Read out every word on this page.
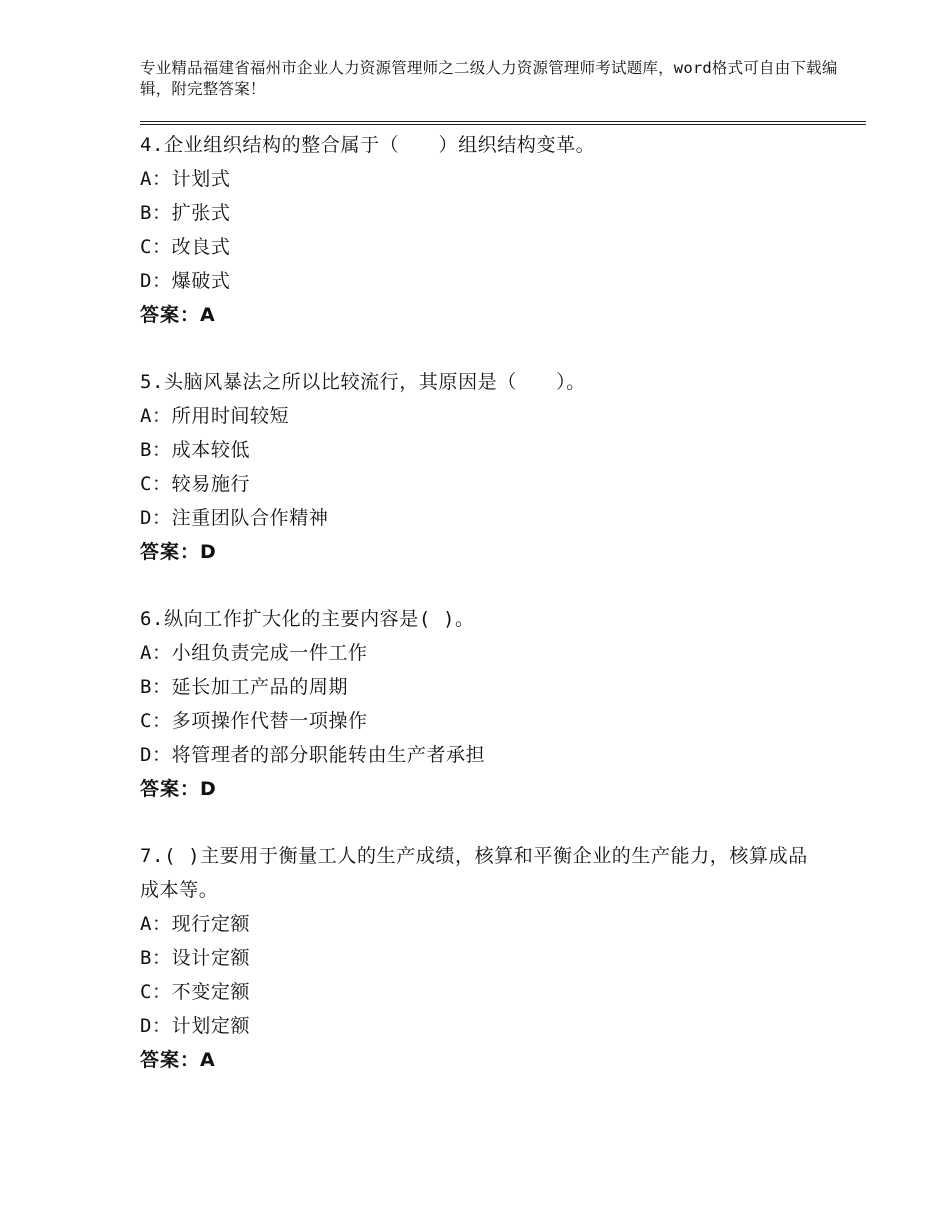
专业精品福建省福州市企业人力资源管理师之二级人力资源管理师考试题库，word格式可自由下载编辑，附完整答案！
4.企业组织结构的整合属于（　　）组织结构变革。
A：计划式
B：扩张式
C：改良式
D：爆破式
答案：A
5.头脑风暴法之所以比较流行，其原因是（　　）。
A：所用时间较短
B：成本较低
C：较易施行
D：注重团队合作精神
答案：D
6.纵向工作扩大化的主要内容是( )。
A：小组负责完成一件工作
B：延长加工产品的周期
C：多项操作代替一项操作
D：将管理者的部分职能转由生产者承担
答案：D
7.( )主要用于衡量工人的生产成绩，核算和平衡企业的生产能力，核算成品成本等。
A：现行定额
B：设计定额
C：不变定额
D：计划定额
答案：A
